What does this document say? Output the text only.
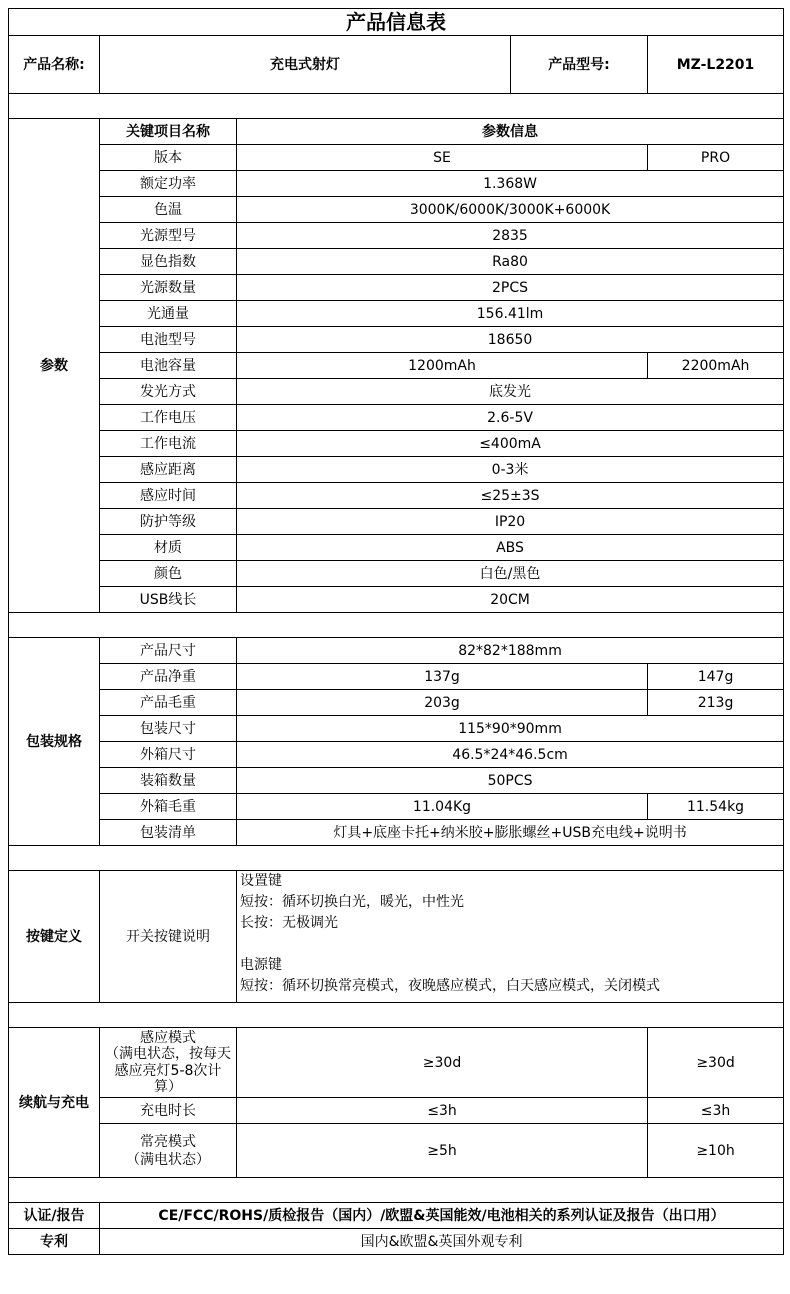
产品信息表				
产品名称:	充电式射灯		产品型号:	MZ-L2201

参数	关键项目名称	参数信息		
	版本	SE		PRO
	额定功率	1.368W		
	色温	3000K/6000K/3000K+6000K		
	光源型号	2835		
	显色指数	Ra80		
	光源数量	2PCS		
	光通量	156.41lm		
	电池型号	18650		
	电池容量	1200mAh		2200mAh
	发光方式	底发光		
	工作电压	2.6-5V		
	工作电流	≤400mA		
	感应距离	0-3米		
	感应时间	≤25±3S		
	防护等级	IP20		
	材质	ABS		
	颜色	白色/黑色		
	USB线长	20CM		

包装规格	产品尺寸	82*82*188mm		
	产品净重	137g		147g
	产品毛重	203g		213g
	包装尺寸	115*90*90mm		
	外箱尺寸	46.5*24*46.5cm		
	装箱数量	50PCS		
	外箱毛重	11.04Kg		11.54kg
	包装清单	灯具+底座卡托+纳米胶+膨胀螺丝+USB充电线+说明书		

按键定义	开关按键说明	设置键
短按：循环切换白光，暖光，中性光
长按：无极调光
电源键
短按：循环切换常亮模式，夜晚感应模式，白天感应模式，关闭模式		

续航与充电	感应模式
（满电状态，按每天
感应亮灯5-8次计
算）	≥30d		≥30d
	充电时长	≤3h		≤3h

	常亮模式
（满电状态）	≥5h		≥10h

认证/报告	CE/FCC/ROHS/质检报告（国内）/欧盟&英国能效/电池相关的系列认证及报告（出口用）			
专利	国内&欧盟&英国外观专利			
